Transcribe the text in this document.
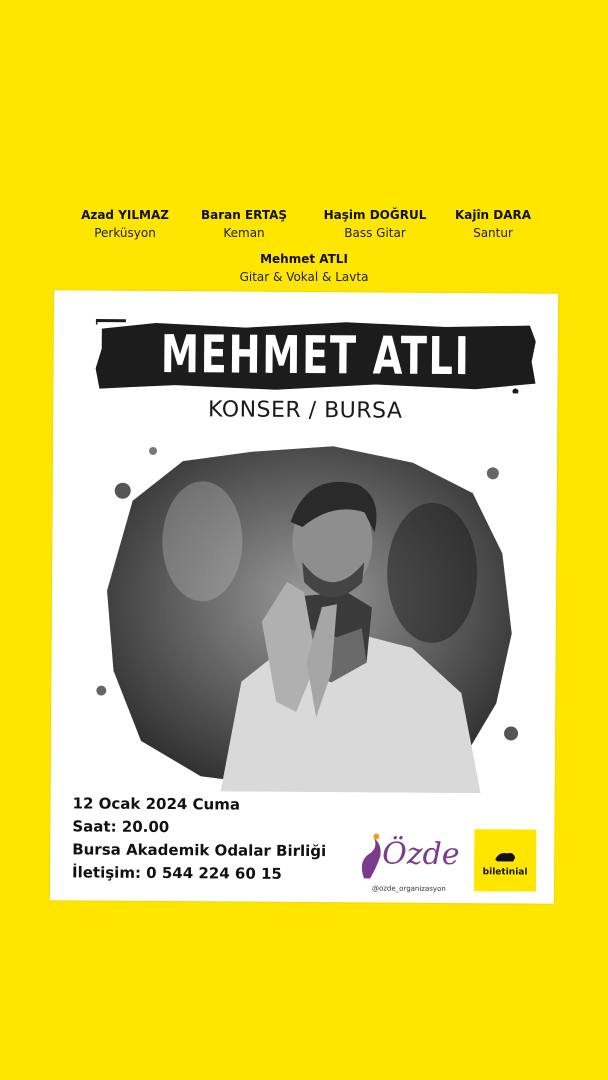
Azad YILMAZ
Perküsyon
Baran ERTAŞ
Keman
Haşim DOĞRUL
Bass Gitar
Kajîn DARA
Santur
Mehmet ATLI
Gitar & Vokal & Lavta
MEHMET ATLI
KONSER / BURSA
12 Ocak 2024 Cuma
Saat: 20.00
Bursa Akademik Odalar Birliği
İletişim: 0 544 224 60 15
Özde
@ozde_organizasyon
biletinial
